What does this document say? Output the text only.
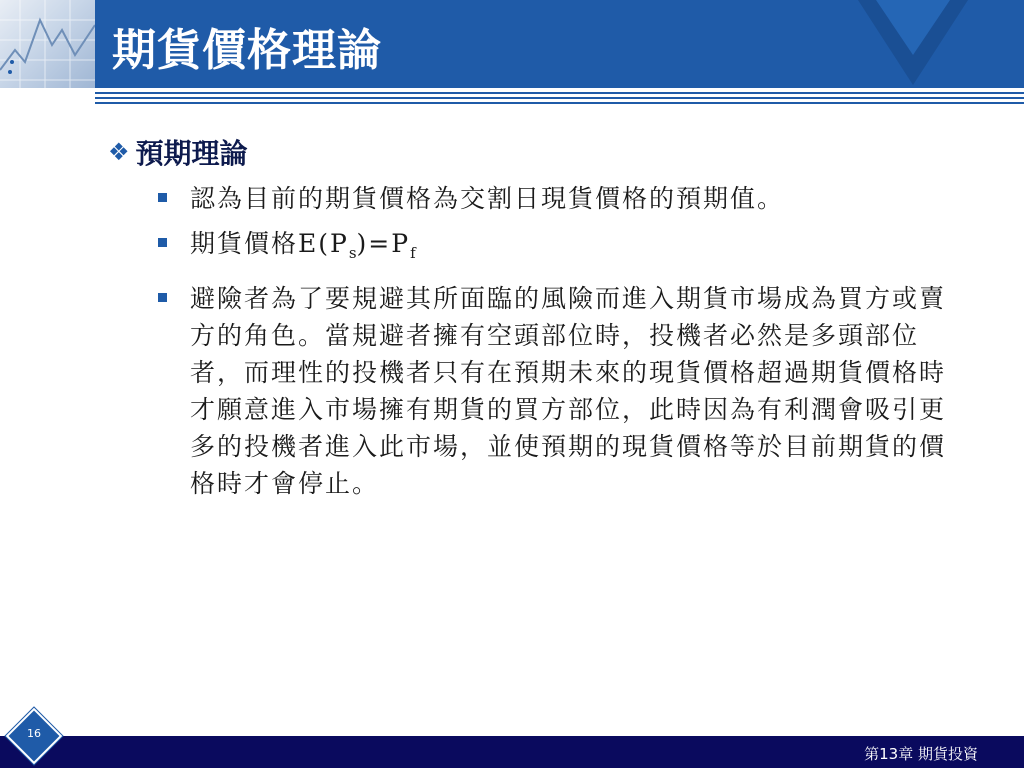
期貨價格理論
❖ 預期理論
認為目前的期貨價格為交割日現貨價格的預期值。
期貨價格$E(P_s)=P_f$
避險者為了要規避其所面臨的風險而進入期貨市場成為買方或賣方的角色。當規避者擁有空頭部位時，投機者必然是多頭部位者，而理性的投機者只有在預期未來的現貨價格超過期貨價格時才願意進入市場擁有期貨的買方部位，此時因為有利潤會吸引更多的投機者進入此市場，並使預期的現貨價格等於目前期貨的價格時才會停止。
16
第13章 期貨投資
